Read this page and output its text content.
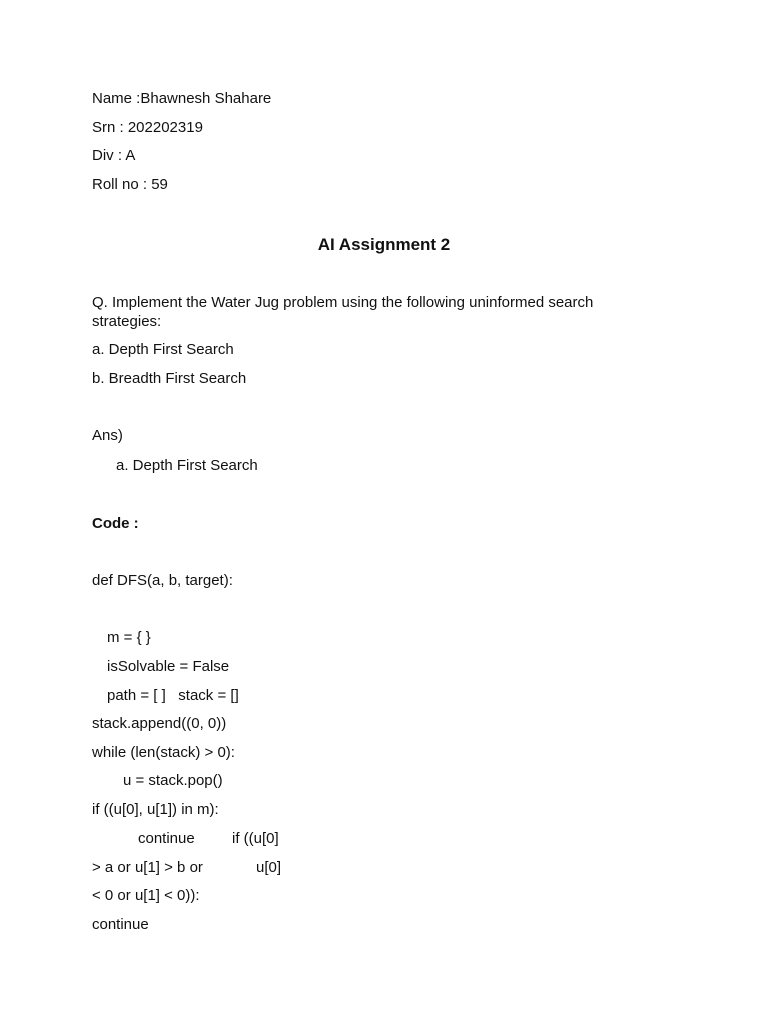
Name :Bhawnesh Shahare
Srn : 202202319
Div : A
Roll no : 59
AI Assignment 2
Q. Implement the Water Jug problem using the following uninformed search strategies:
a. Depth First Search
b. Breadth First Search
Ans)
a. Depth First Search
Code :
def DFS(a, b, target):
m = { }
isSolvable = False
path = [ ]   stack = []
stack.append((0, 0))
while (len(stack) > 0):
u = stack.pop()
if ((u[0], u[1]) in m):
continue if ((u[0]
> a or u[1] > b or	u[0]
< 0 or u[1] < 0)):
continue
